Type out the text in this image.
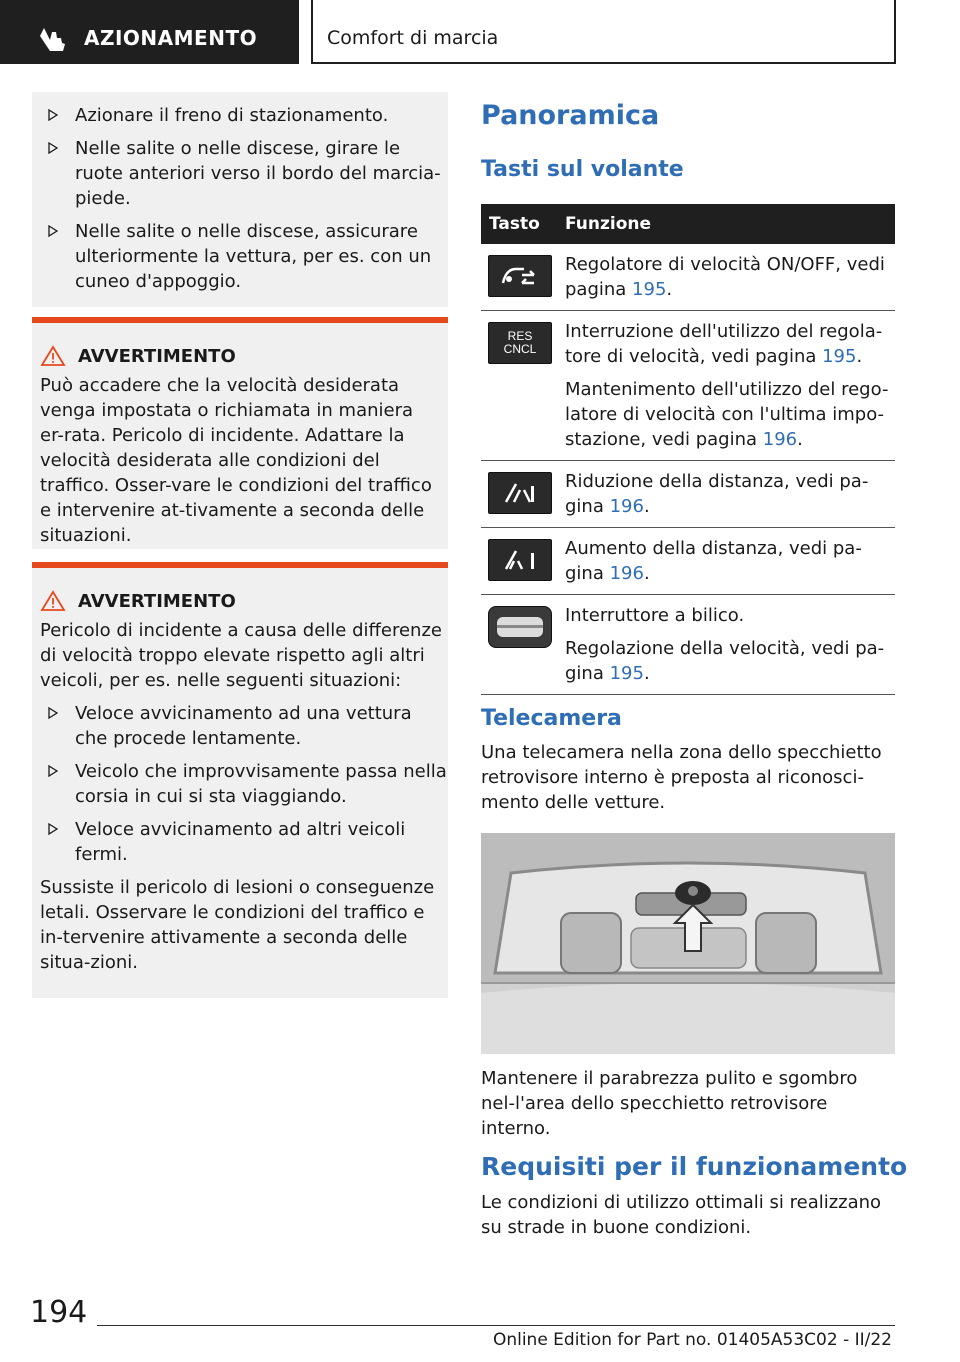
AZIONAMENTO	Comfort di marcia
Azionare il freno di stazionamento.
Nelle salite o nelle discese, girare le ruote anteriori verso il bordo del marcia-piede.
Nelle salite o nelle discese, assicurare ulteriormente la vettura, per es. con un cuneo d'appoggio.
AVVERTIMENTO

Può accadere che la velocità desiderata venga impostata o richiamata in maniera er-rata. Pericolo di incidente. Adattare la velocità desiderata alle condizioni del traffico. Osser-vare le condizioni del traffico e intervenire at-tivamente a seconda delle situazioni.

AVVERTIMENTO

Pericolo di incidente a causa delle differenze di velocità troppo elevate rispetto agli altri veicoli, per es. nelle seguenti situazioni:

Veloce avvicinamento ad una vettura che procede lentamente.
Veicolo che improvvisamente passa nella corsia in cui si sta viaggiando.
Veloce avvicinamento ad altri veicoli fermi.

Sussiste il pericolo di lesioni o conseguenze letali. Osservare le condizioni del traffico e in-tervenire attivamente a seconda delle situa-zioni.

Panoramica
Tasti sul volante
Tasto	Funzione

Regolatore di velocità ON/OFF, vedi pagina 195.

RES
CNCL

Interruzione dell'utilizzo del regola-tore di velocità, vedi pagina 195.

Mantenimento dell'utilizzo del rego-latore di velocità con l'ultima impo-stazione, vedi pagina 196.

Riduzione della distanza, vedi pa-gina 196.

Aumento della distanza, vedi pa-gina 196.

Interruttore a bilico.

Regolazione della velocità, vedi pa-gina 195.

Telecamera

Una telecamera nella zona dello specchietto retrovisore interno è preposta al riconosci-mento delle vetture.

Mantenere il parabrezza pulito e sgombro nel-l'area dello specchietto retrovisore interno.

Requisiti per il funzionamento

Le condizioni di utilizzo ottimali si realizzano su strade in buone condizioni.

194
Online Edition for Part no. 01405A53C02 - II/22
